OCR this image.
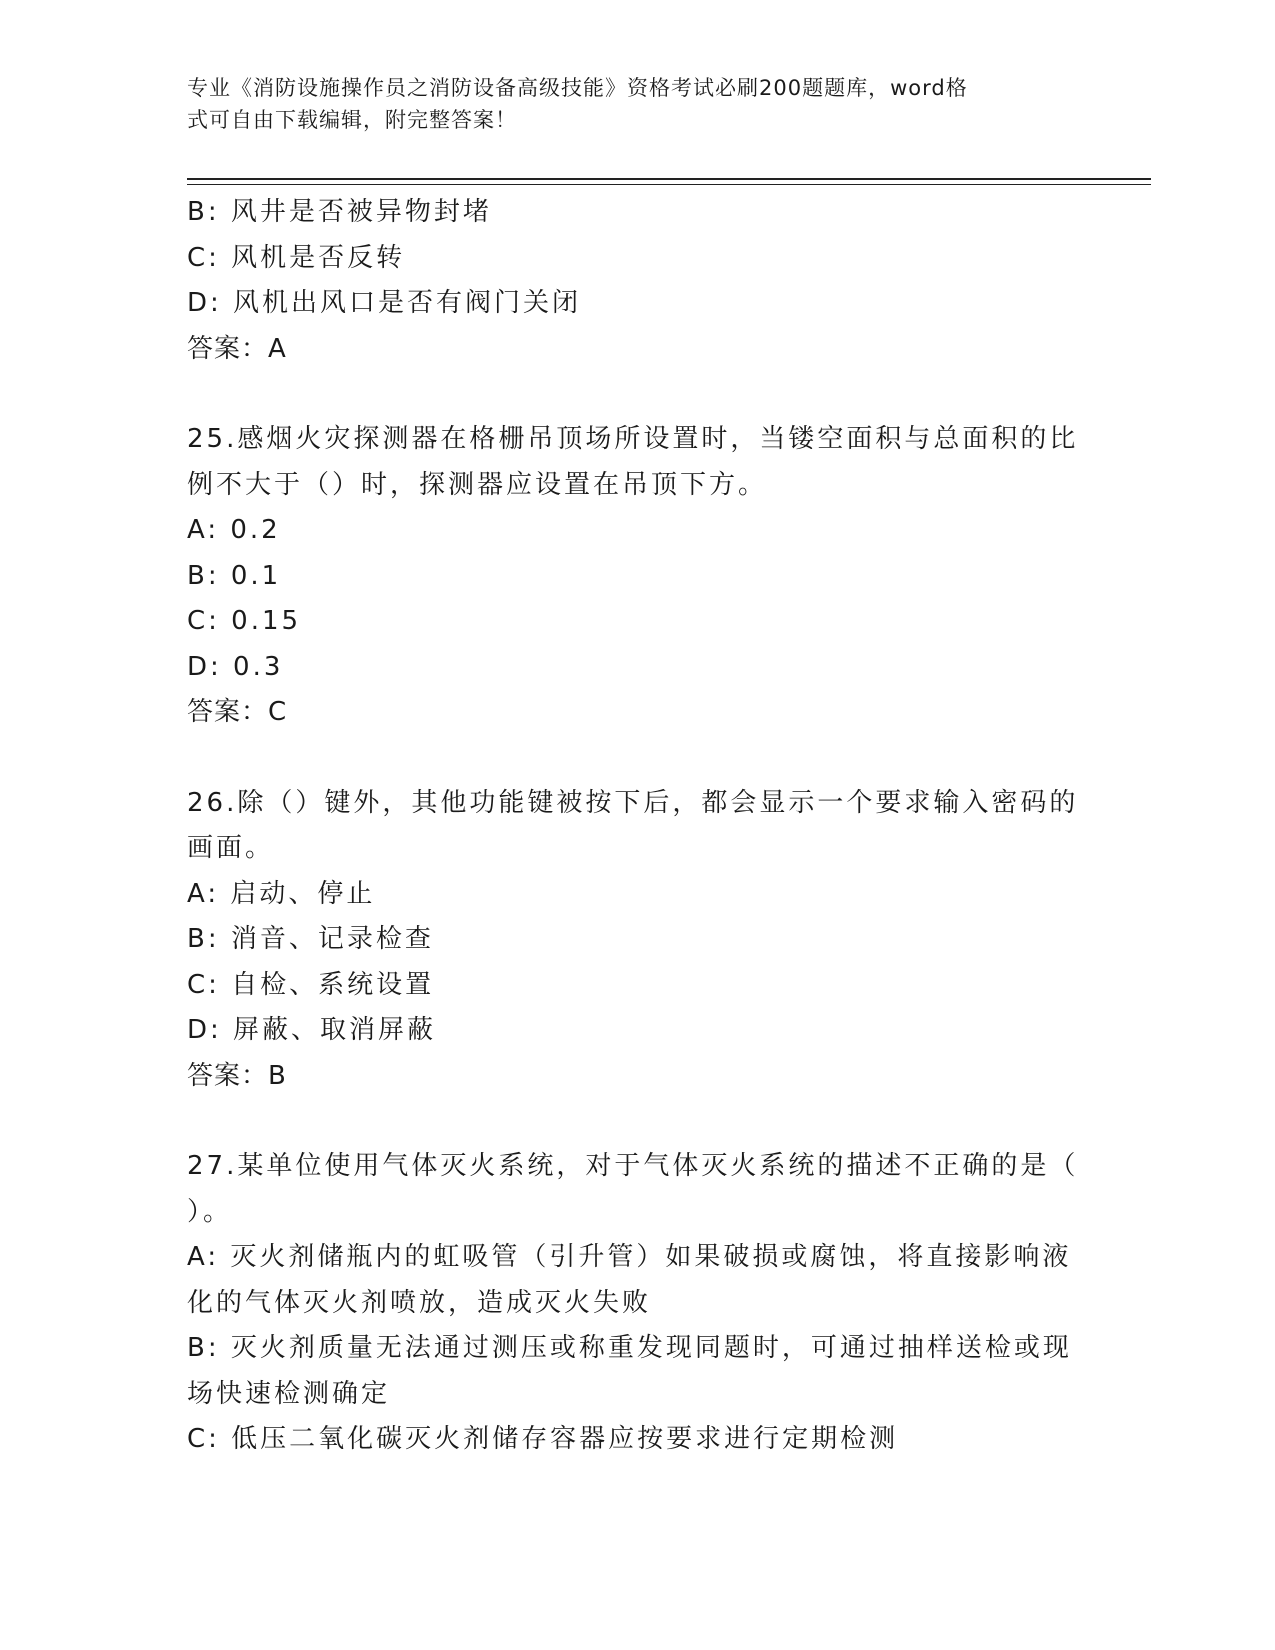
专业《消防设施操作员之消防设备高级技能》资格考试必刷200题题库，word格
式可自由下载编辑，附完整答案！
B: 风井是否被异物封堵
C: 风机是否反转
D: 风机出风口是否有阀门关闭
答案：A
25.感烟火灾探测器在格栅吊顶场所设置时，当镂空面积与总面积的比
例不大于（）时，探测器应设置在吊顶下方。
A: 0.2
B: 0.1
C: 0.15
D: 0.3
答案：C
26.除（）键外，其他功能键被按下后，都会显示一个要求输入密码的
画面。
A: 启动、停止
B: 消音、记录检查
C: 自检、系统设置
D: 屏蔽、取消屏蔽
答案：B
27.某单位使用气体灭火系统，对于气体灭火系统的描述不正确的是（
）。
A: 灭火剂储瓶内的虹吸管（引升管）如果破损或腐蚀，将直接影响液
化的气体灭火剂喷放，造成灭火失败
B: 灭火剂质量无法通过测压或称重发现同题时，可通过抽样送检或现
场快速检测确定
C: 低压二氧化碳灭火剂储存容器应按要求进行定期检测
